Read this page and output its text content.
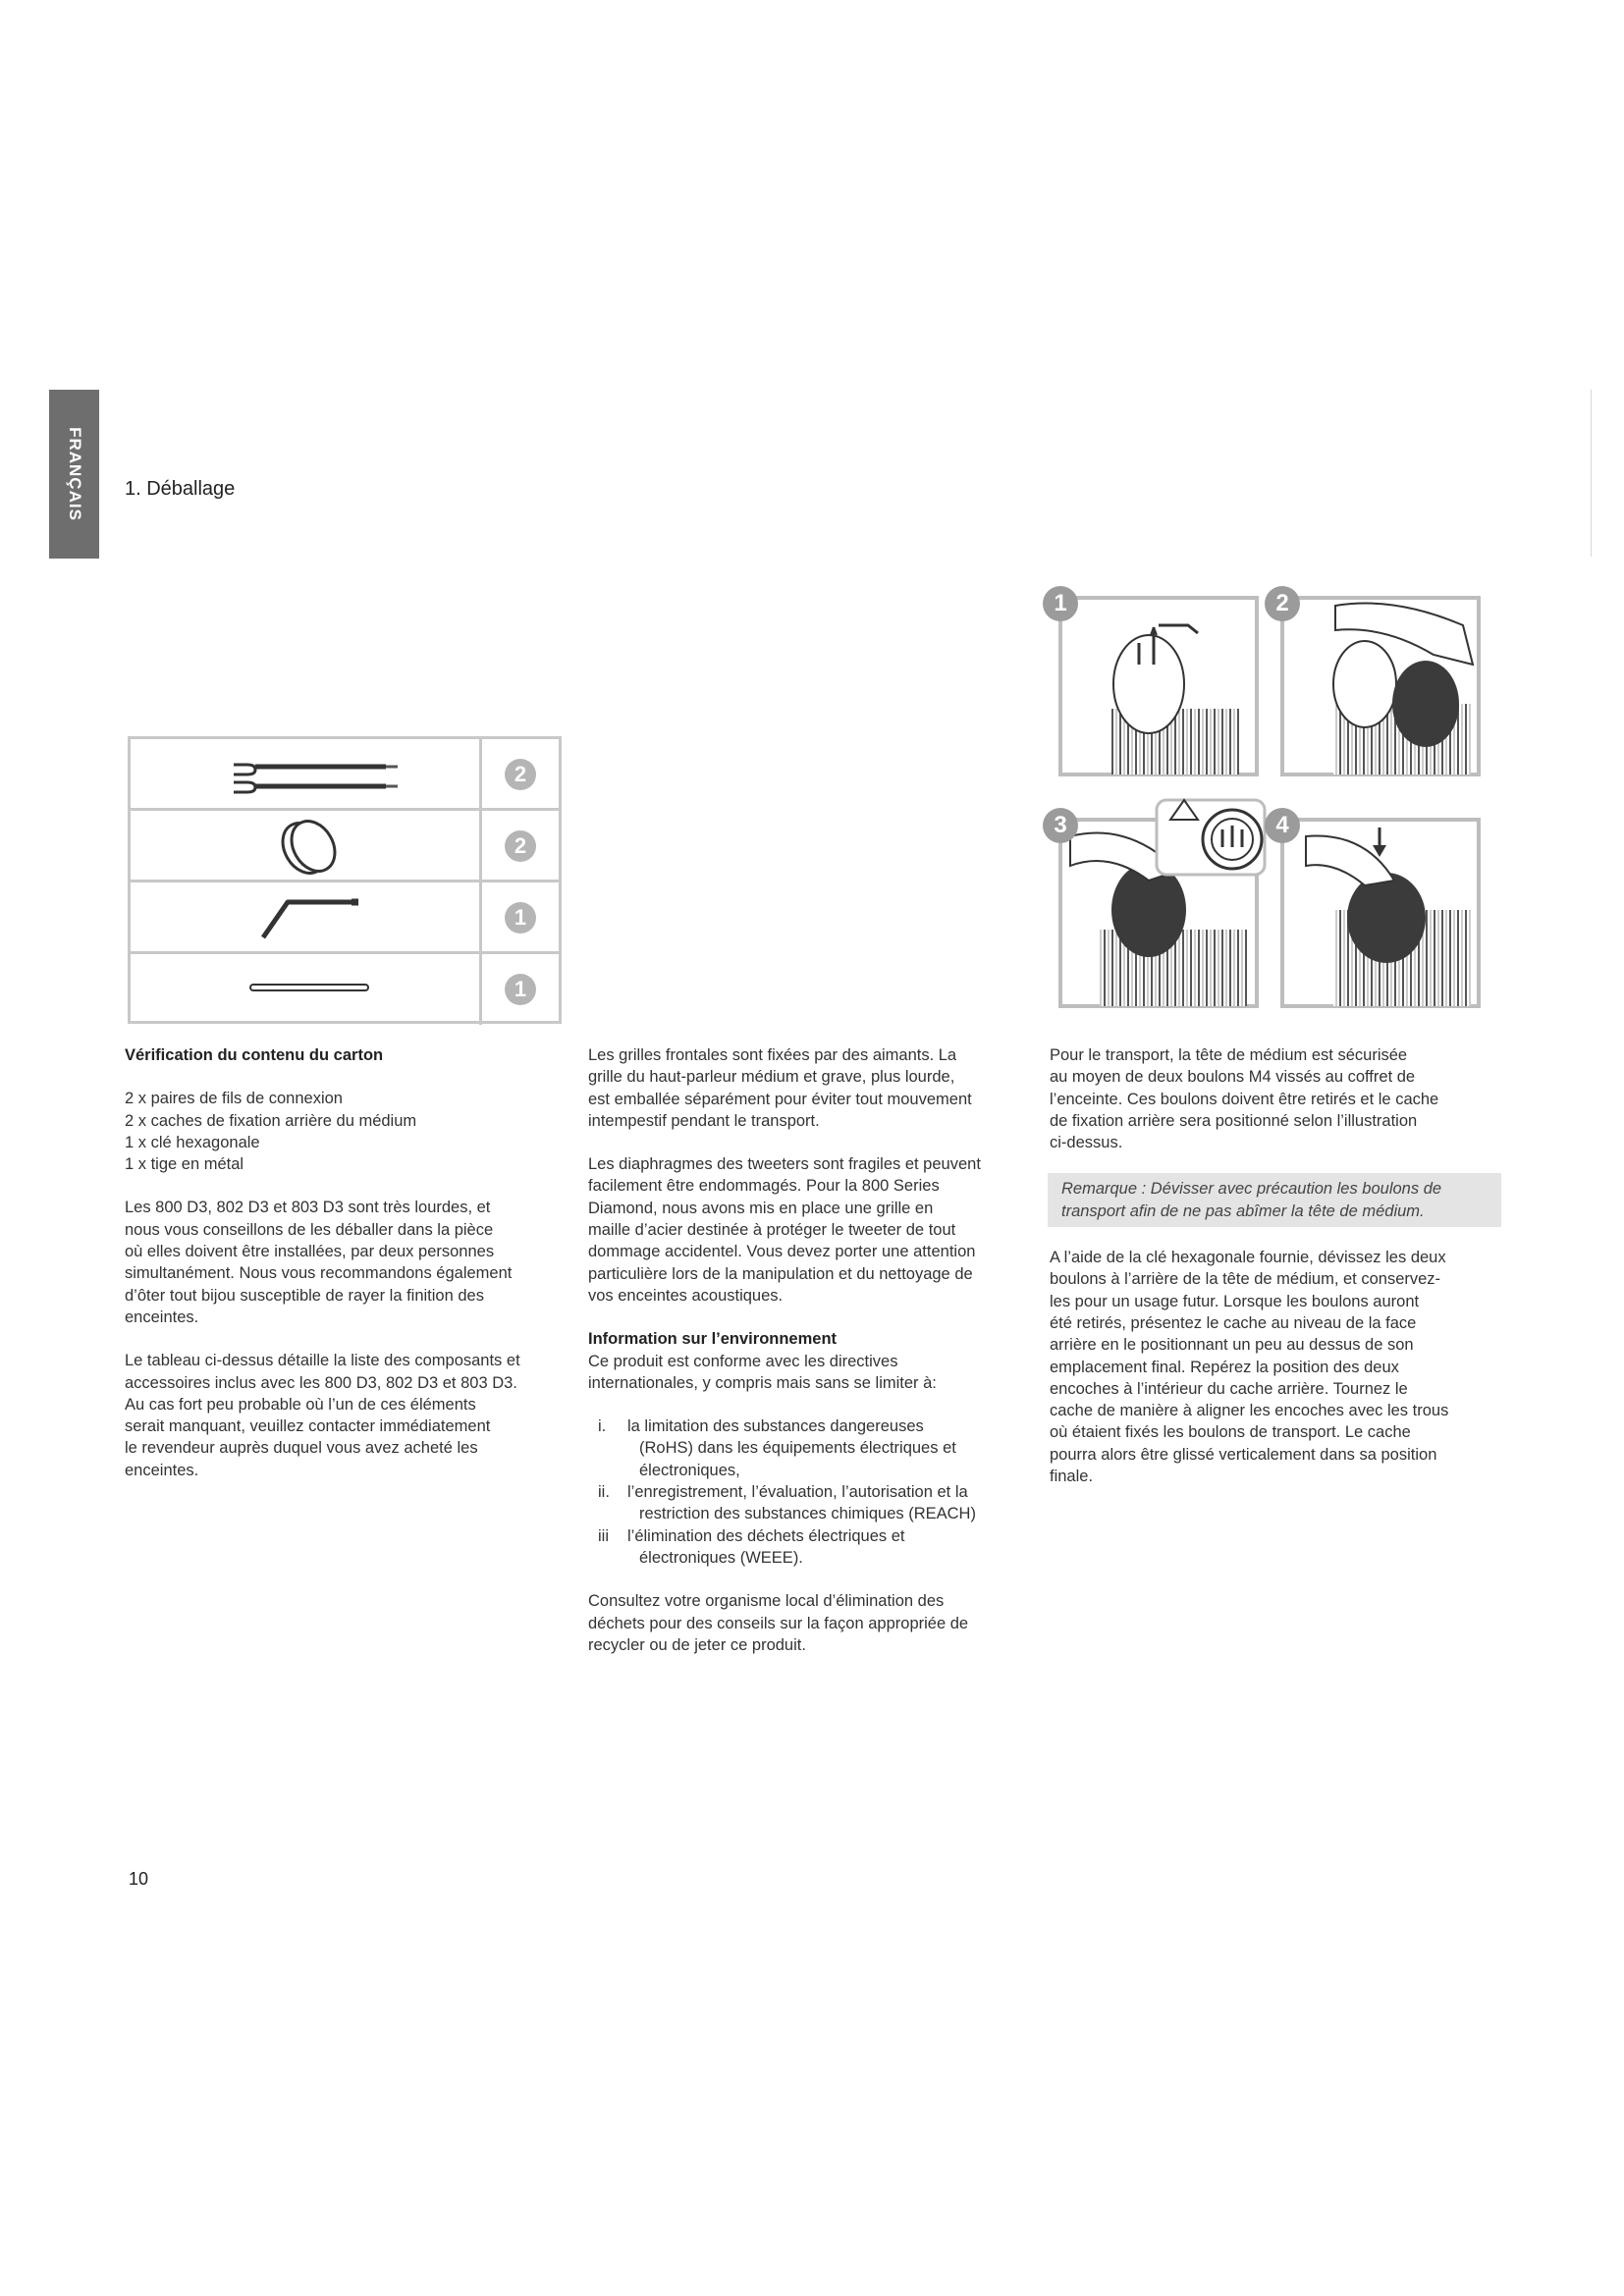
FRANÇAIS 1. Déballage
2
2
1
1
1	2
3	4

Vérification du contenu du carton

2 x paires de fils de connexion
2 x caches de fixation arrière du médium
1 x clé hexagonale
1 x tige en métal
Les 800 D3, 802 D3 et 803 D3 sont très lourdes, et
nous vous conseillons de les déballer dans la pièce
où elles doivent être installées, par deux personnes
simultanément. Nous vous recommandons également
d’ôter tout bijou susceptible de rayer la finition des
enceintes.
Le tableau ci-dessus détaille la liste des composants et
accessoires inclus avec les 800 D3, 802 D3 et 803 D3.
Au cas fort peu probable où l’un de ces éléments
serait manquant, veuillez contacter immédiatement
le revendeur auprès duquel vous avez acheté les
enceintes.
Les grilles frontales sont fixées par des aimants. La
grille du haut-parleur médium et grave, plus lourde,
est emballée séparément pour éviter tout mouvement
intempestif pendant le transport.
Les diaphragmes des tweeters sont fragiles et peuvent
facilement être endommagés. Pour la 800 Series
Diamond, nous avons mis en place une grille en
maille d’acier destinée à protéger le tweeter de tout
dommage accidentel. Vous devez porter une attention
particulière lors de la manipulation et du nettoyage de
vos enceintes acoustiques.

Information sur l’environnement

Ce produit est conforme avec les directives
internationales, y compris mais sans se limiter à:
i.	la limitation des substances dangereuses
(RoHS) dans les équipements électriques et
électroniques,
ii.	l’enregistrement, l’évaluation, l’autorisation et la
restriction des substances chimiques (REACH)
iii	l’élimination des déchets électriques et
électroniques (WEEE).
Consultez votre organisme local d’élimination des
déchets pour des conseils sur la façon appropriée de
recycler ou de jeter ce produit.
Pour le transport, la tête de médium est sécurisée
au moyen de deux boulons M4 vissés au coffret de
l’enceinte. Ces boulons doivent être retirés et le cache
de fixation arrière sera positionné selon l’illustration
ci-dessus.
Remarque : Dévisser avec précaution les boulons de
transport afin de ne pas abîmer la tête de médium.
A l’aide de la clé hexagonale fournie, dévissez les deux
boulons à l’arrière de la tête de médium, et conservez-
les pour un usage futur. Lorsque les boulons auront
été retirés, présentez le cache au niveau de la face
arrière en le positionnant un peu au dessus de son
emplacement final. Repérez la position des deux
encoches à l’intérieur du cache arrière. Tournez le
cache de manière à aligner les encoches avec les trous
où étaient fixés les boulons de transport. Le cache
pourra alors être glissé verticalement dans sa position
finale.
10
